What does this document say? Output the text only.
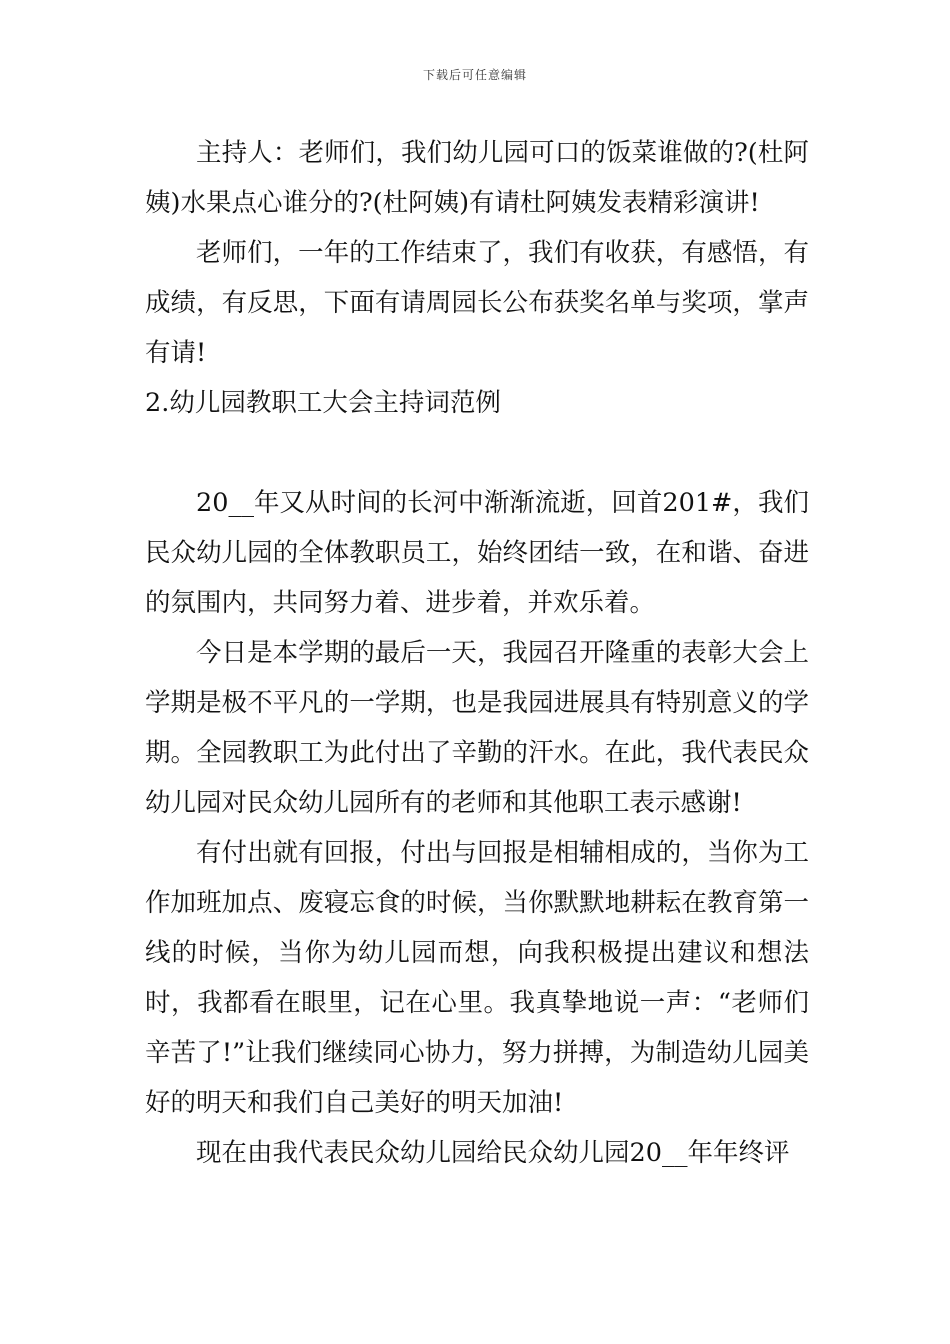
下载后可任意编辑

主持人：老师们，我们幼儿园可口的饭菜谁做的?(杜阿姨)水果点心谁分的?(杜阿姨)有请杜阿姨发表精彩演讲!

老师们，一年的工作结束了，我们有收获，有感悟，有成绩，有反思，下面有请周园长公布获奖名单与奖项，掌声有请!

2.幼儿园教职工大会主持词范例

20__年又从时间的长河中渐渐流逝，回首201#，我们民众幼儿园的全体教职员工，始终团结一致，在和谐、奋进的氛围内，共同努力着、进步着，并欢乐着。

今日是本学期的最后一天，我园召开隆重的表彰大会上学期是极不平凡的一学期，也是我园进展具有特别意义的学期。全园教职工为此付出了辛勤的汗水。在此，我代表民众幼儿园对民众幼儿园所有的老师和其他职工表示感谢!

有付出就有回报，付出与回报是相辅相成的，当你为工作加班加点、废寝忘食的时候，当你默默地耕耘在教育第一线的时候，当你为幼儿园而想，向我积极提出建议和想法时，我都看在眼里，记在心里。我真挚地说一声：“老师们辛苦了!”让我们继续同心协力，努力拼搏，为制造幼儿园美好的明天和我们自己美好的明天加油!

现在由我代表民众幼儿园给民众幼儿园20__年年终评
